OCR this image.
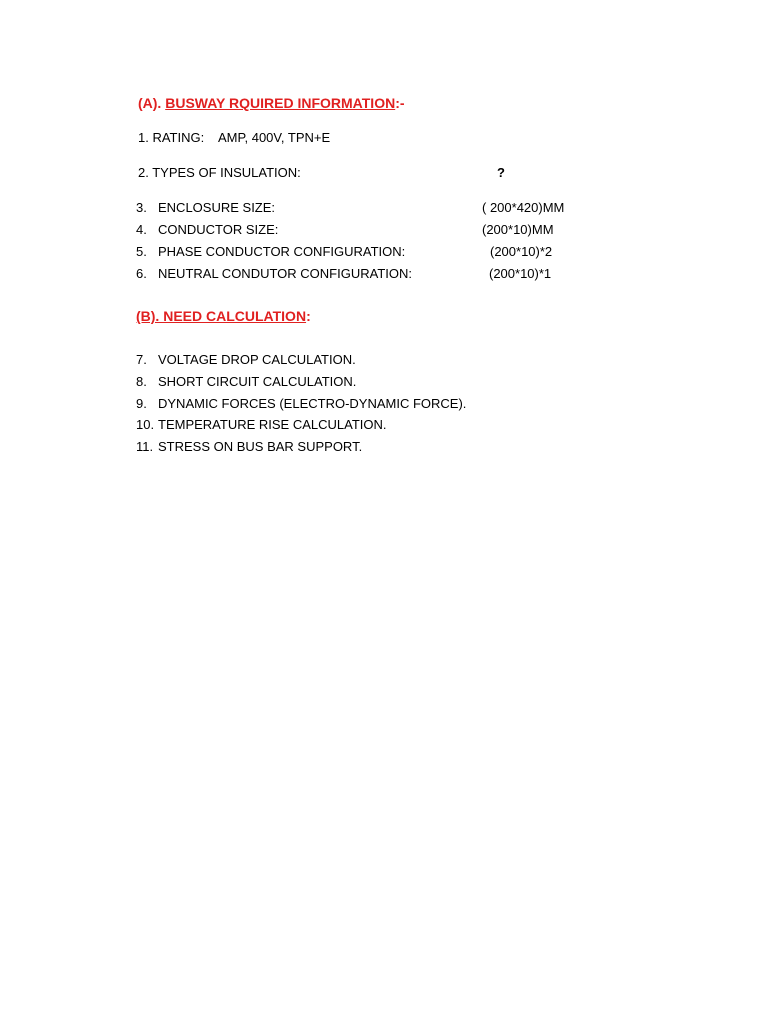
(A). BUSWAY RQUIRED INFORMATION:-
1. RATING: AMP, 400V, TPN+E
2. TYPES OF INSULATION:	?
3. ENCLOSURE SIZE:	( 200*420)MM
4. CONDUCTOR SIZE:	(200*10)MM
5. PHASE CONDUCTOR CONFIGURATION:	(200*10)*2
6. NEUTRAL CONDUTOR CONFIGURATION:	(200*10)*1
(B). NEED CALCULATION:
7. VOLTAGE DROP CALCULATION.
8. SHORT CIRCUIT CALCULATION.
9. DYNAMIC FORCES (ELECTRO-DYNAMIC FORCE).
10. TEMPERATURE RISE CALCULATION.
11. STRESS ON BUS BAR SUPPORT.
